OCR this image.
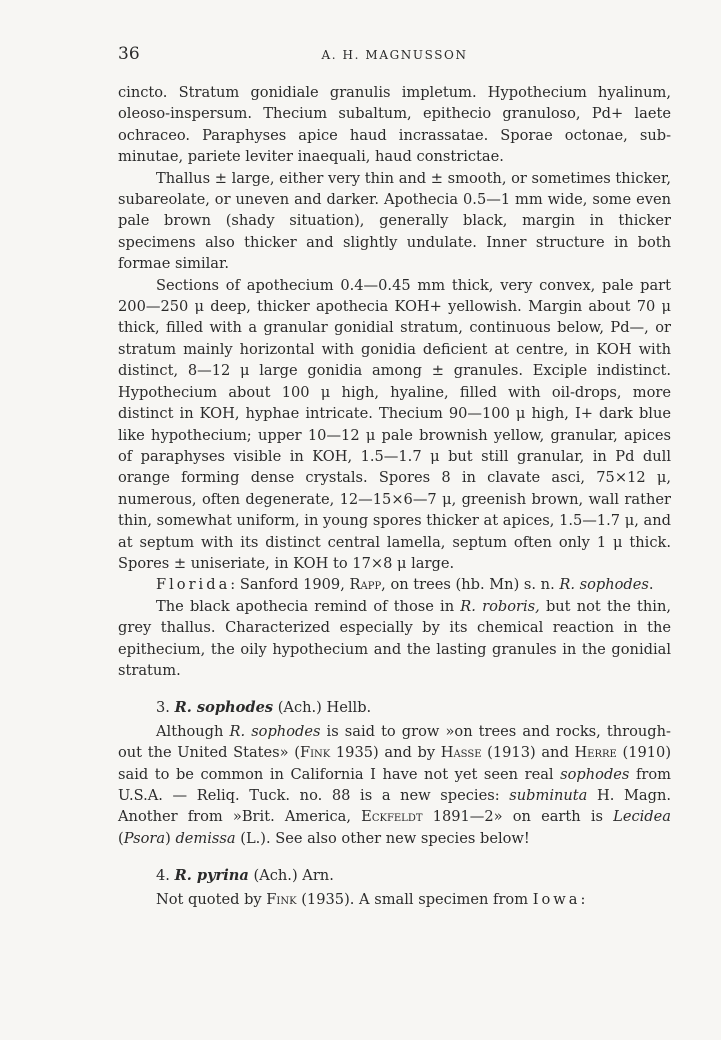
36	A. H. MAGNUSSON

cincto. Stratum gonidiale granulis impletum. Hypothecium hyalinum, oleoso-inspersum. Thecium subaltum, epithecio granuloso, Pd+ laete ochraceo. Paraphyses apice haud incrassatae. Sporae octonae, sub-minutae, pariete leviter inaequali, haud constrictae.

Thallus ± large, either very thin and ± smooth, or sometimes thicker, subareolate, or uneven and darker. Apothecia 0.5—1 mm wide, some even pale brown (shady situation), generally black, margin in thicker specimens also thicker and slightly undulate. Inner structure in both formae similar.

Sections of apothecium 0.4—0.45 mm thick, very convex, pale part 200—250 μ deep, thicker apothecia KOH+ yellowish. Margin about 70 μ thick, filled with a granular gonidial stratum, continuous below, Pd—, or stratum mainly horizontal with gonidia deficient at centre, in KOH with distinct, 8—12 μ large gonidia among ± granules. Exciple indistinct. Hypothecium about 100 μ high, hyaline, filled with oil-drops, more distinct in KOH, hyphae intricate. Thecium 90—100 μ high, I+ dark blue like hypothecium; upper 10—12 μ pale brownish yellow, granular, apices of paraphyses visible in KOH, 1.5—1.7 μ but still granular, in Pd dull orange forming dense crystals. Spores 8 in clavate asci, 75×12 μ, numerous, often degenerate, 12—15×6—7 μ, greenish brown, wall rather thin, somewhat uniform, in young spores thicker at apices, 1.5—1.7 μ, and at septum with its distinct central lamella, septum often only 1 μ thick. Spores ± uniseriate, in KOH to 17×8 μ large.

Florida: Sanford 1909, Rapp, on trees (hb. Mn) s. n. R. sophodes.

The black apothecia remind of those in R. roboris, but not the thin, grey thallus. Characterized especially by its chemical reaction in the epithecium, the oily hypothecium and the lasting granules in the gonidial stratum.

3. R. sophodes (Ach.) Hellb.

Although R. sophodes is said to grow »on trees and rocks, through-out the United States» (Fink 1935) and by Hasse (1913) and Herre (1910) said to be common in California I have not yet seen real sophodes from U.S.A. — Reliq. Tuck. no. 88 is a new species: subminuta H. Magn. Another from »Brit. America, Eckfeldt 1891—2» on earth is Lecidea (Psora) demissa (L.). See also other new species below!

4. R. pyrina (Ach.) Arn.

Not quoted by Fink (1935). A small specimen from Iowa:
